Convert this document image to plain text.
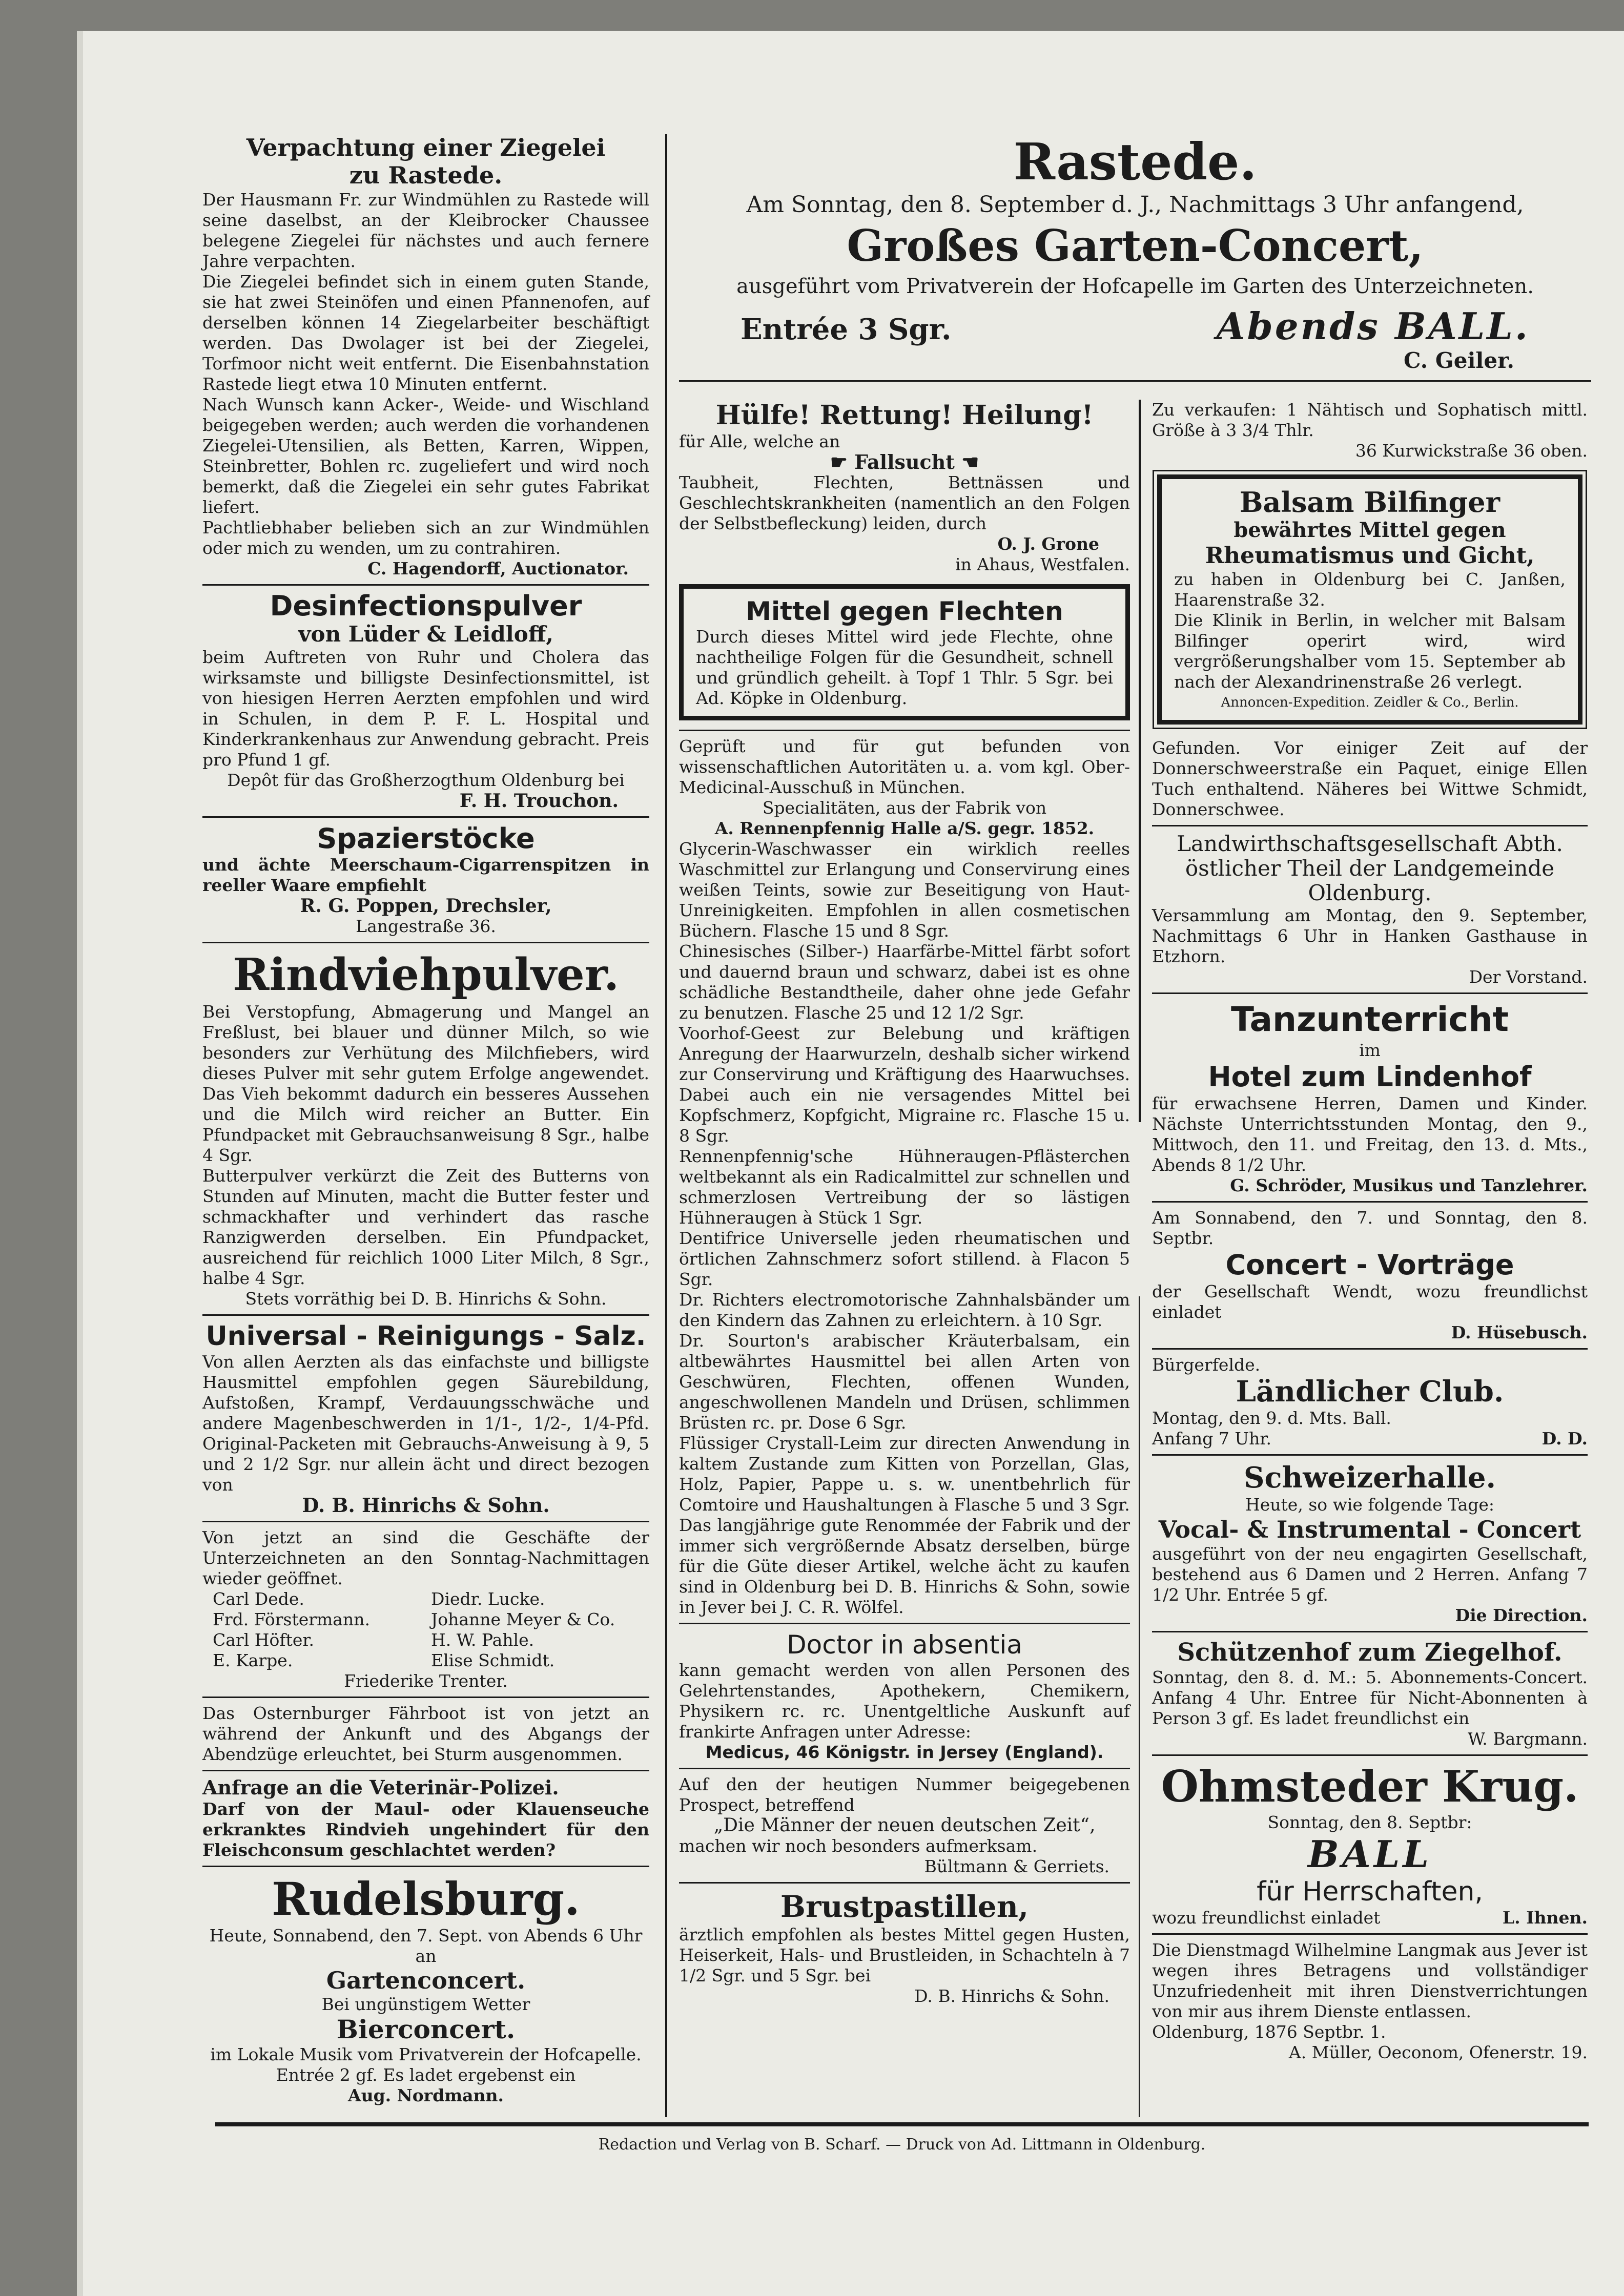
Rastede.
Am Sonntag, den 8. September d. J., Nachmittags 3 Uhr anfangend,
Großes Garten-Concert,
ausgeführt vom Privatverein der Hofcapelle im Garten des Unterzeichneten.
Entrée 3 Sgr.	Abends BALL.
C. Geiler.
Verpachtung einer Ziegelei
zu Rastede.

Der Hausmann Fr. zur Windmühlen zu Rastede will seine daselbst, an der Kleibrocker Chaussee belegene Ziegelei für nächstes und auch fernere Jahre verpachten.

Die Ziegelei befindet sich in einem guten Stande, sie hat zwei Steinöfen und einen Pfannenofen, auf derselben können 14 Ziegelarbeiter beschäftigt werden. Das Dwolager ist bei der Ziegelei, Torfmoor nicht weit entfernt. Die Eisenbahnstation Rastede liegt etwa 10 Minuten entfernt.

Nach Wunsch kann Acker-, Weide- und Wischland beigegeben werden; auch werden die vorhandenen Ziegelei-Utensilien, als Betten, Karren, Wippen, Steinbretter, Bohlen rc. zugeliefert und wird noch bemerkt, daß die Ziegelei ein sehr gutes Fabrikat liefert.

Pachtliebhaber belieben sich an zur Windmühlen oder mich zu wenden, um zu contrahiren.

C. Hagendorff, Auctionator.

Desinfectionspulver
von Lüder & Leidloff,

beim Auftreten von Ruhr und Cholera das wirksamste und billigste Desinfectionsmittel, ist von hiesigen Herren Aerzten empfohlen und wird in Schulen, in dem P. F. L. Hospital und Kinderkrankenhaus zur Anwendung gebracht. Preis pro Pfund 1 gf.

Depôt für das Großherzogthum Oldenburg bei

F. H. Trouchon.

Spazierstöcke

und ächte Meerschaum-Cigarrenspitzen in reeller Waare empfiehlt

R. G. Poppen, Drechsler,

Langestraße 36.

Rindviehpulver.

Bei Verstopfung, Abmagerung und Mangel an Freßlust, bei blauer und dünner Milch, so wie besonders zur Verhütung des Milchfiebers, wird dieses Pulver mit sehr gutem Erfolge angewendet. Das Vieh bekommt dadurch ein besseres Aussehen und die Milch wird reicher an Butter. Ein Pfundpacket mit Gebrauchsanweisung 8 Sgr., halbe 4 Sgr.

Butterpulver verkürzt die Zeit des Butterns von Stunden auf Minuten, macht die Butter fester und schmackhafter und verhindert das rasche Ranzigwerden derselben. Ein Pfundpacket, ausreichend für reichlich 1000 Liter Milch, 8 Sgr., halbe 4 Sgr.

Stets vorräthig bei D. B. Hinrichs & Sohn.

Universal - Reinigungs - Salz.

Von allen Aerzten als das einfachste und billigste Hausmittel empfohlen gegen Säurebildung, Aufstoßen, Krampf, Verdauungsschwäche und andere Magenbeschwerden in 1/1-, 1/2-, 1/4-Pfd. Original-Packeten mit Gebrauchs-Anweisung à 9, 5 und 2 1/2 Sgr. nur allein ächt und direct bezogen von

D. B. Hinrichs & Sohn.

Von jetzt an sind die Geschäfte der Unterzeichneten an den Sonntag-Nachmittagen wieder geöffnet.

Carl Dede.	Diedr. Lucke.
Frd. Förstermann.	Johanne Meyer & Co.
Carl Höfter.	H. W. Pahle.
E. Karpe.	Elise Schmidt.

Friederike Trenter.

Das Osternburger Fährboot ist von jetzt an während der Ankunft und des Abgangs der Abendzüge erleuchtet, bei Sturm ausgenommen.

Anfrage an die Veterinär-Polizei.

Darf von der Maul- oder Klauenseuche erkranktes Rindvieh ungehindert für den Fleischconsum geschlachtet werden?

Rudelsburg.

Heute, Sonnabend, den 7. Sept. von Abends 6 Uhr an

Gartenconcert.

Bei ungünstigem Wetter

Bierconcert.

im Lokale Musik vom Privatverein der Hofcapelle. Entrée 2 gf. Es ladet ergebenst ein

Aug. Nordmann.

Hülfe! Rettung! Heilung!

für Alle, welche an

☛ Fallsucht ☚

Taubheit, Flechten, Bettnässen und Geschlechtskrankheiten (namentlich an den Folgen der Selbstbefleckung) leiden, durch

O. J. Grone

in Ahaus, Westfalen.

Mittel gegen Flechten

Durch dieses Mittel wird jede Flechte, ohne nachtheilige Folgen für die Gesundheit, schnell und gründlich geheilt. à Topf 1 Thlr. 5 Sgr. bei Ad. Köpke in Oldenburg.

Geprüft und für gut befunden von wissenschaftlichen Autoritäten u. a. vom kgl. Ober-Medicinal-Ausschuß in München.

Specialitäten, aus der Fabrik von

A. Rennenpfennig Halle a/S. gegr. 1852.

Glycerin-Waschwasser ein wirklich reelles Waschmittel zur Erlangung und Conservirung eines weißen Teints, sowie zur Beseitigung von Haut-Unreinigkeiten. Empfohlen in allen cosmetischen Büchern. Flasche 15 und 8 Sgr.

Chinesisches (Silber-) Haarfärbe-Mittel färbt sofort und dauernd braun und schwarz, dabei ist es ohne schädliche Bestandtheile, daher ohne jede Gefahr zu benutzen. Flasche 25 und 12 1/2 Sgr.

Voorhof-Geest zur Belebung und kräftigen Anregung der Haarwurzeln, deshalb sicher wirkend zur Conservirung und Kräftigung des Haarwuchses. Dabei auch ein nie versagendes Mittel bei Kopfschmerz, Kopfgicht, Migraine rc. Flasche 15 u. 8 Sgr.

Rennenpfennig'sche Hühneraugen-Pflästerchen weltbekannt als ein Radicalmittel zur schnellen und schmerzlosen Vertreibung der so lästigen Hühneraugen à Stück 1 Sgr.

Dentifrice Universelle jeden rheumatischen und örtlichen Zahnschmerz sofort stillend. à Flacon 5 Sgr.

Dr. Richters electromotorische Zahnhalsbänder um den Kindern das Zahnen zu erleichtern. à 10 Sgr.

Dr. Sourton's arabischer Kräuterbalsam, ein altbewährtes Hausmittel bei allen Arten von Geschwüren, Flechten, offenen Wunden, angeschwollenen Mandeln und Drüsen, schlimmen Brüsten rc. pr. Dose 6 Sgr.

Flüssiger Crystall-Leim zur directen Anwendung in kaltem Zustande zum Kitten von Porzellan, Glas, Holz, Papier, Pappe u. s. w. unentbehrlich für Comtoire und Haushaltungen à Flasche 5 und 3 Sgr.

Das langjährige gute Renommée der Fabrik und der immer sich vergrößernde Absatz derselben, bürge für die Güte dieser Artikel, welche ächt zu kaufen sind in Oldenburg bei D. B. Hinrichs & Sohn, sowie in Jever bei J. C. R. Wölfel.

Doctor in absentia

kann gemacht werden von allen Personen des Gelehrtenstandes, Apothekern, Chemikern, Physikern rc. rc. Unentgeltliche Auskunft auf frankirte Anfragen unter Adresse:

Medicus, 46 Königstr. in Jersey (England).

Auf den der heutigen Nummer beigegebenen Prospect, betreffend

„Die Männer der neuen deutschen Zeit“,

machen wir noch besonders aufmerksam.

Bültmann & Gerriets.

Brustpastillen,

ärztlich empfohlen als bestes Mittel gegen Husten, Heiserkeit, Hals- und Brustleiden, in Schachteln à 7 1/2 Sgr. und 5 Sgr. bei

D. B. Hinrichs & Sohn.

Zu verkaufen: 1 Nähtisch und Sophatisch mittl. Größe à 3 3/4 Thlr.

36 Kurwickstraße 36 oben.

Balsam Bilfinger
bewährtes Mittel gegen
Rheumatismus und Gicht,

zu haben in Oldenburg bei C. Janßen, Haarenstraße 32.

Die Klinik in Berlin, in welcher mit Balsam Bilfinger operirt wird, wird vergrößerungshalber vom 15. September ab nach der Alexandrinenstraße 26 verlegt.

Annoncen-Expedition. Zeidler & Co., Berlin.

Gefunden. Vor einiger Zeit auf der Donnerschweerstraße ein Paquet, einige Ellen Tuch enthaltend. Näheres bei Wittwe Schmidt, Donnerschwee.

Landwirthschaftsgesellschaft Abth. östlicher Theil der Landgemeinde Oldenburg.

Versammlung am Montag, den 9. September, Nachmittags 6 Uhr in Hanken Gasthause in Etzhorn.

Der Vorstand.

Tanzunterricht

im

Hotel zum Lindenhof

für erwachsene Herren, Damen und Kinder. Nächste Unterrichtsstunden Montag, den 9., Mittwoch, den 11. und Freitag, den 13. d. Mts., Abends 8 1/2 Uhr.

G. Schröder, Musikus und Tanzlehrer.

Am Sonnabend, den 7. und Sonntag, den 8. Septbr.

Concert - Vorträge

der Gesellschaft Wendt, wozu freundlichst einladet

D. Hüsebusch.

Bürgerfelde.

Ländlicher Club.

Montag, den 9. d. Mts. Ball.

Anfang 7 Uhr.	D. D.

Schweizerhalle.

Heute, so wie folgende Tage:

Vocal- & Instrumental - Concert

ausgeführt von der neu engagirten Gesellschaft, bestehend aus 6 Damen und 2 Herren. Anfang 7 1/2 Uhr. Entrée 5 gf.

Die Direction.

Schützenhof zum Ziegelhof.

Sonntag, den 8. d. M.: 5. Abonnements-Concert. Anfang 4 Uhr. Entree für Nicht-Abonnenten à Person 3 gf. Es ladet freundlichst ein

W. Bargmann.

Ohmsteder Krug.

Sonntag, den 8. Septbr:

BALL
für Herrschaften,

wozu freundlichst einladet	L. Ihnen.

Die Dienstmagd Wilhelmine Langmak aus Jever ist wegen ihres Betragens und vollständiger Unzufriedenheit mit ihren Dienstverrichtungen von mir aus ihrem Dienste entlassen.

Oldenburg, 1876 Septbr. 1.

A. Müller, Oeconom, Ofenerstr. 19.

Redaction und Verlag von B. Scharf. — Druck von Ad. Littmann in Oldenburg.
